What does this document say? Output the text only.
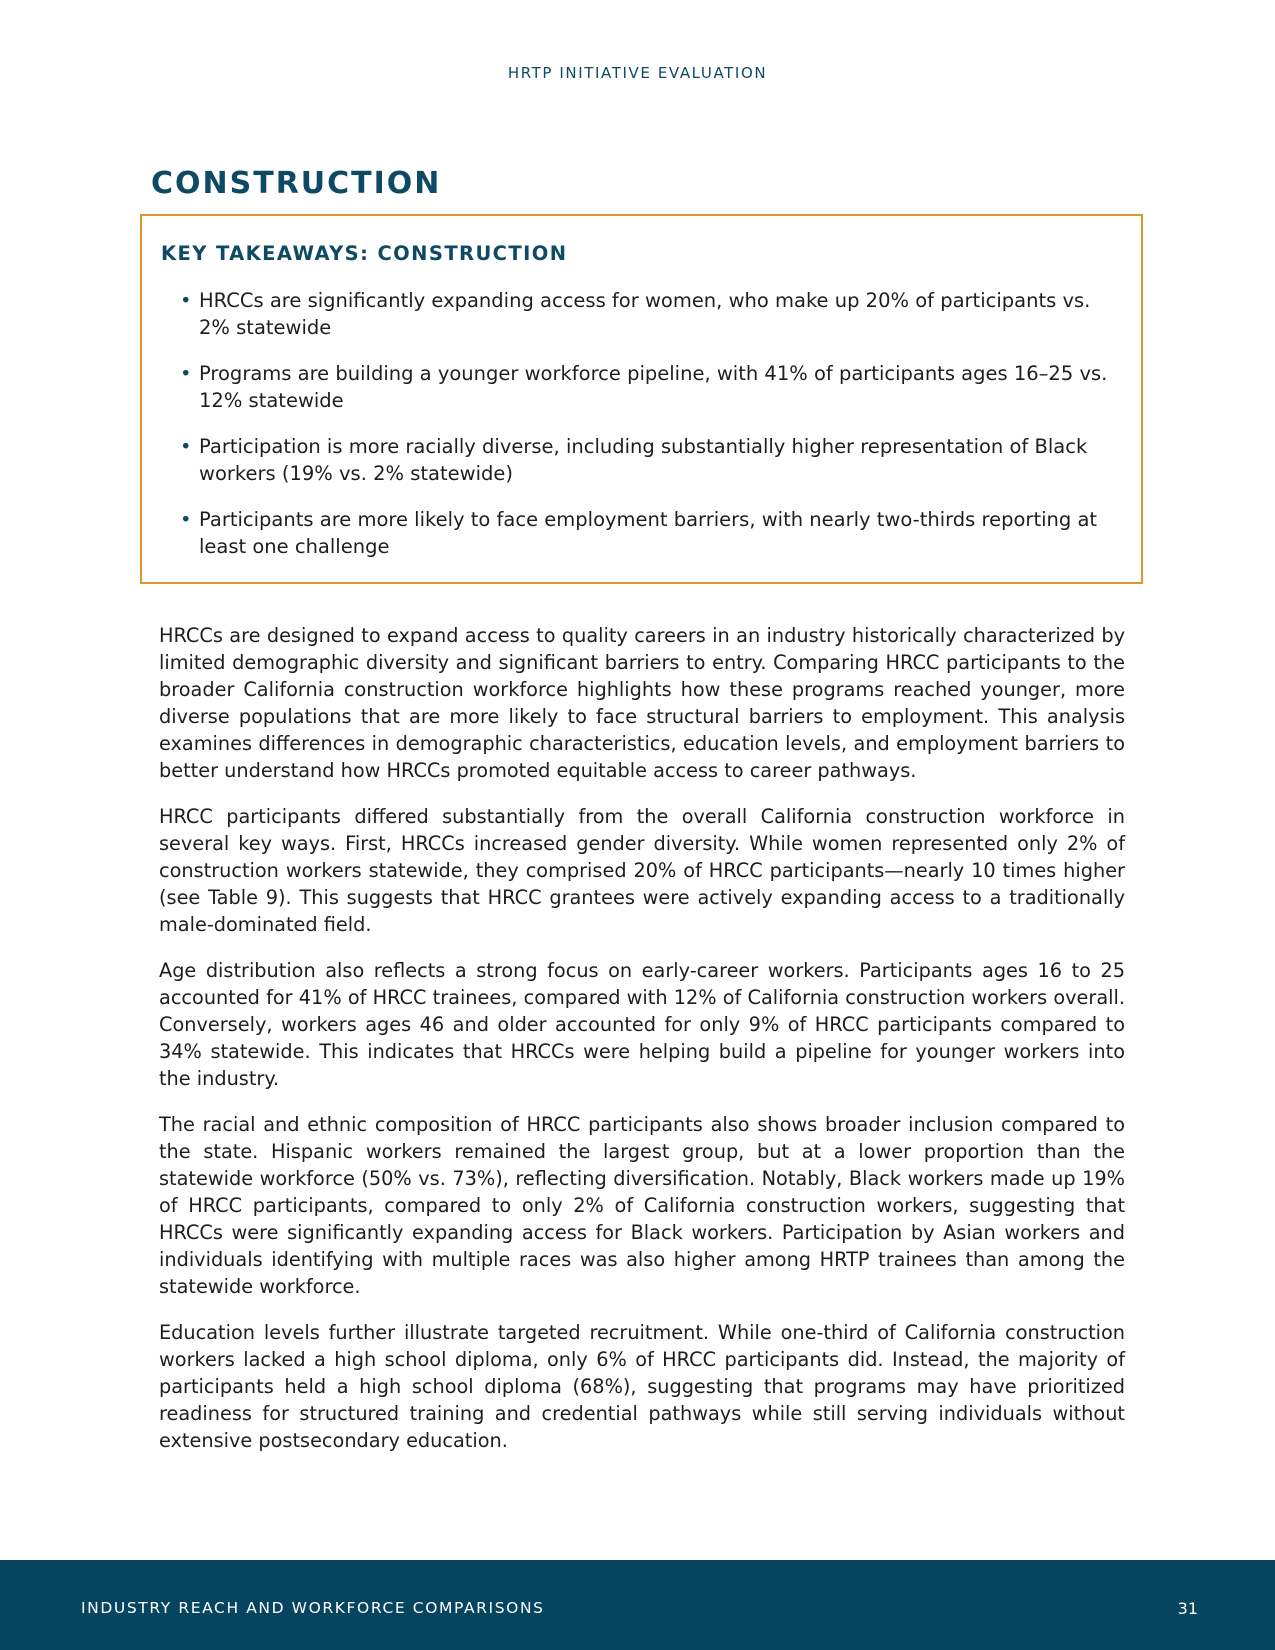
HRTP INITIATIVE EVALUATION
CONSTRUCTION
KEY TAKEAWAYS: CONSTRUCTION
• HRCCs are significantly expanding access for women, who make up 20% of participants vs. 2% statewide
• Programs are building a younger workforce pipeline, with 41% of participants ages 16–25 vs. 12% statewide
• Participation is more racially diverse, including substantially higher representation of Black workers (19% vs. 2% statewide)
• Participants are more likely to face employment barriers, with nearly two-thirds reporting at least one challenge

HRCCs are designed to expand access to quality careers in an industry historically characterized by limited demographic diversity and significant barriers to entry. Comparing HRCC participants to the broader California construction workforce highlights how these programs reached younger, more diverse populations that are more likely to face structural barriers to employment. This analysis examines differences in demographic characteristics, education levels, and employment barriers to better understand how HRCCs promoted equitable access to career pathways.

HRCC participants differed substantially from the overall California construction workforce in several key ways. First, HRCCs increased gender diversity. While women represented only 2% of construction workers statewide, they comprised 20% of HRCC participants—nearly 10 times higher (see Table 9). This suggests that HRCC grantees were actively expanding access to a traditionally male-dominated field.

Age distribution also reflects a strong focus on early-career workers. Participants ages 16 to 25 accounted for 41% of HRCC trainees, compared with 12% of California construction workers overall. Conversely, workers ages 46 and older accounted for only 9% of HRCC participants compared to 34% statewide. This indicates that HRCCs were helping build a pipeline for younger workers into the industry.

The racial and ethnic composition of HRCC participants also shows broader inclusion compared to the state. Hispanic workers remained the largest group, but at a lower proportion than the statewide workforce (50% vs. 73%), reflecting diversification. Notably, Black workers made up 19% of HRCC participants, compared to only 2% of California construction workers, suggesting that HRCCs were significantly expanding access for Black workers. Participation by Asian workers and individuals identifying with multiple races was also higher among HRTP trainees than among the statewide workforce.

Education levels further illustrate targeted recruitment. While one-third of California construction workers lacked a high school diploma, only 6% of HRCC participants did. Instead, the majority of participants held a high school diploma (68%), suggesting that programs may have prioritized readiness for structured training and credential pathways while still serving individuals without extensive postsecondary education.

INDUSTRY REACH AND WORKFORCE COMPARISONS	31
